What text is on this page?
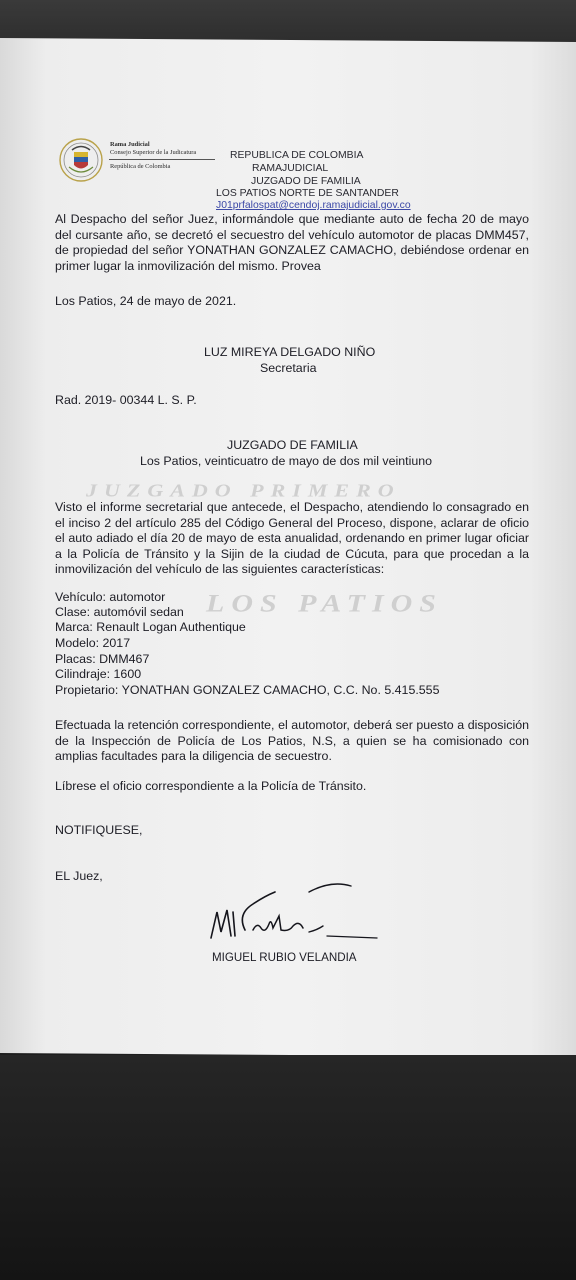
JUZGADO PRIMERO
LOS PATIOS
Rama Judicial
Consejo Superior de la Judicatura
República de Colombia
REPUBLICA DE COLOMBIA
RAMAJUDICIAL
JUZGADO DE FAMILIA
LOS PATIOS NORTE DE SANTANDER
J01prfalospat@cendoj.ramajudicial.gov.co
Al Despacho del señor Juez, informándole que mediante auto de fecha 20 de mayo del cursante año, se decretó el secuestro del vehículo automotor de placas DMM457, de propiedad del señor YONATHAN GONZALEZ CAMACHO, debiéndose ordenar en primer lugar la inmovilización del mismo. Provea
Los Patios, 24 de mayo de 2021.
LUZ MIREYA DELGADO NIÑO
Secretaria
Rad. 2019- 00344 L. S. P.
JUZGADO DE FAMILIA
Los Patios, veinticuatro de mayo de dos mil veintiuno
Visto el informe secretarial que antecede, el Despacho, atendiendo lo consagrado en el inciso 2 del artículo 285 del Código General del Proceso, dispone, aclarar de oficio el auto adiado el día 20 de mayo de esta anualidad, ordenando en primer lugar oficiar a la Policía de Tránsito y la Sijin de la ciudad de Cúcuta, para que procedan a la inmovilización del vehículo de las siguientes características:
Vehículo: automotor
Clase: automóvil sedan
Marca: Renault Logan Authentique
Modelo: 2017
Placas: DMM467
Cilindraje: 1600
Propietario: YONATHAN GONZALEZ CAMACHO, C.C. No. 5.415.555
Efectuada la retención correspondiente, el automotor, deberá ser puesto a disposición de la Inspección de Policía de Los Patios, N.S, a quien se ha comisionado con amplias facultades para la diligencia de secuestro.
Líbrese el oficio correspondiente a la Policía de Tránsito.
NOTIFIQUESE,
EL Juez,
MIGUEL RUBIO VELANDIA
